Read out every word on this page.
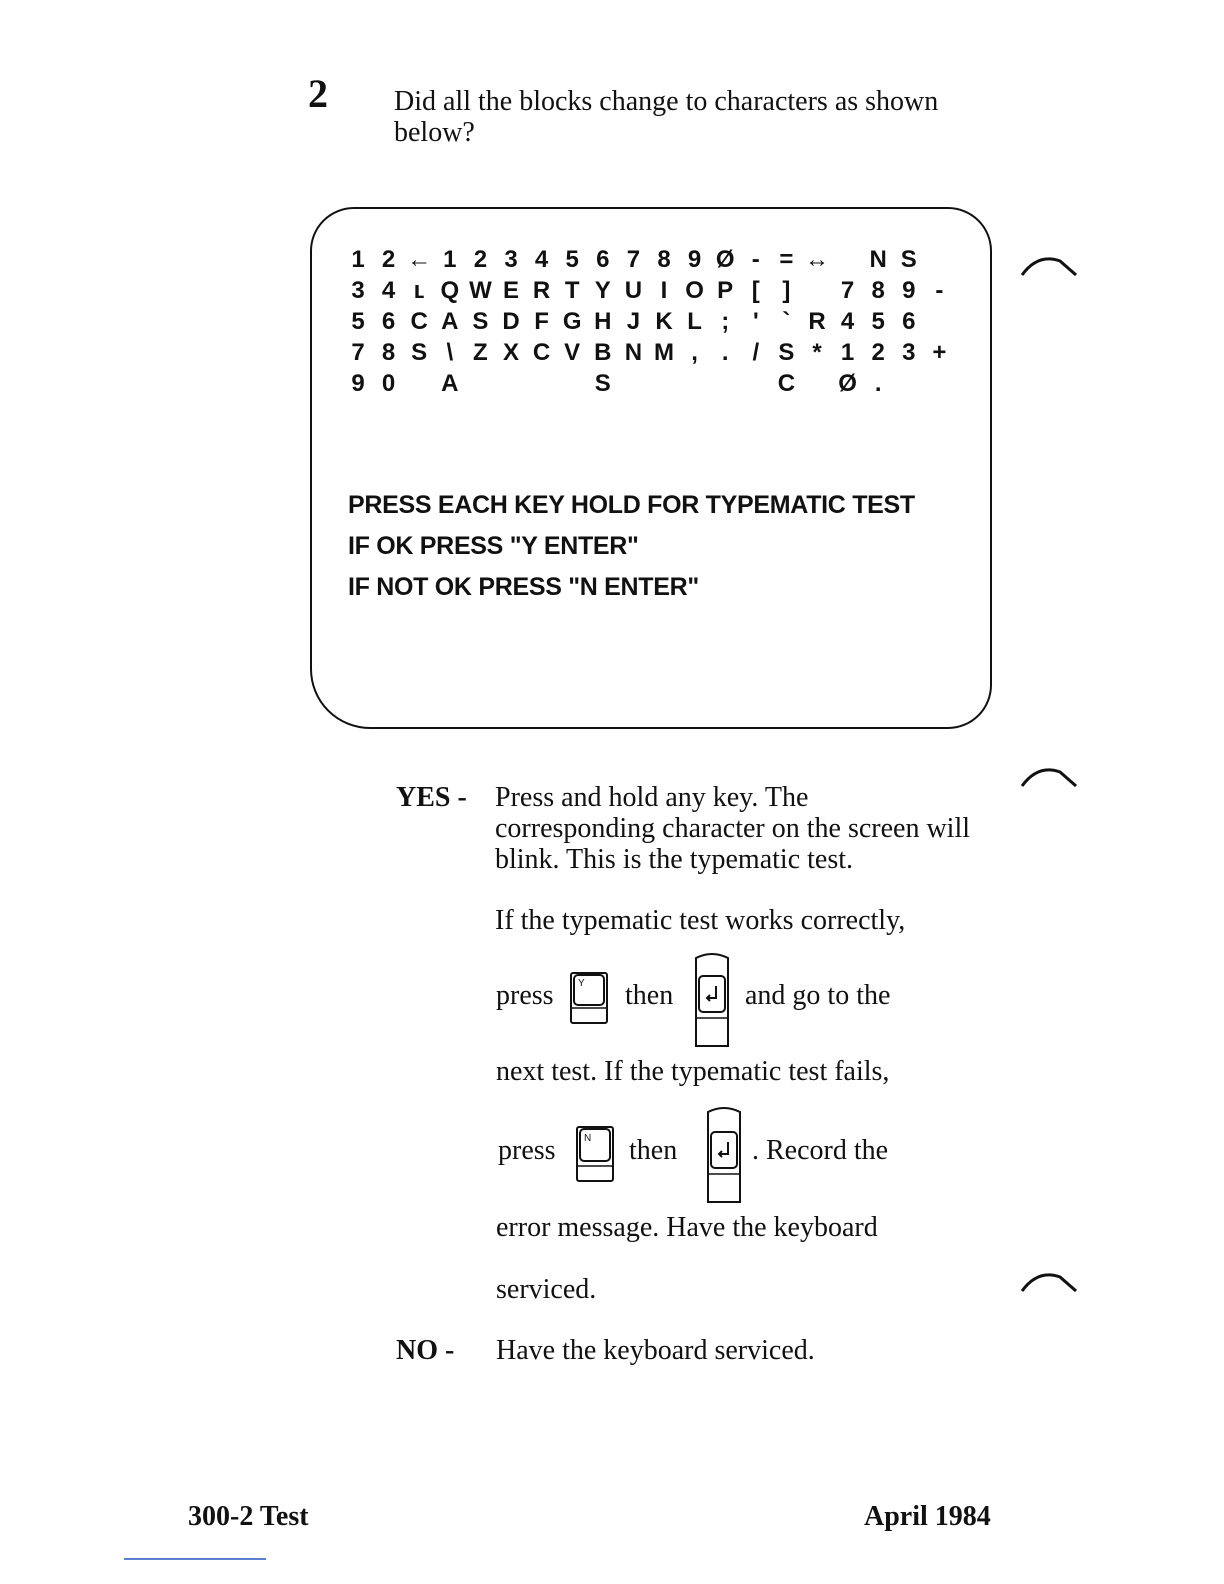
2 Did all the blocks change to characters as shown below?

1 2 ← 1 2 3 4 5 6 7 8 9 Ø - = ↔ N S

3 4 ʟ Q W E R T Y U I O P [ ]	7 8 9 -

5 6 C A S D F G H J K L ; ' ` R 4 5 6

7 8 S \ Z X C V B N M , . / S * 1 2 3 +

9 0 A	S	C Ø .

PRESS EACH KEY HOLD FOR TYPEMATIC TEST
IF OK PRESS "Y ENTER"
IF NOT OK PRESS "N ENTER"
YES - Press and hold any key. The corresponding character on the screen will blink. This is the typematic test.
If the typematic test works correctly,
press Y then	and go to the
next test. If the typematic test fails,
press	N then	. Record the
error message. Have the keyboard
serviced.
NO - Have the keyboard serviced.
300-2 Test	April 1984
